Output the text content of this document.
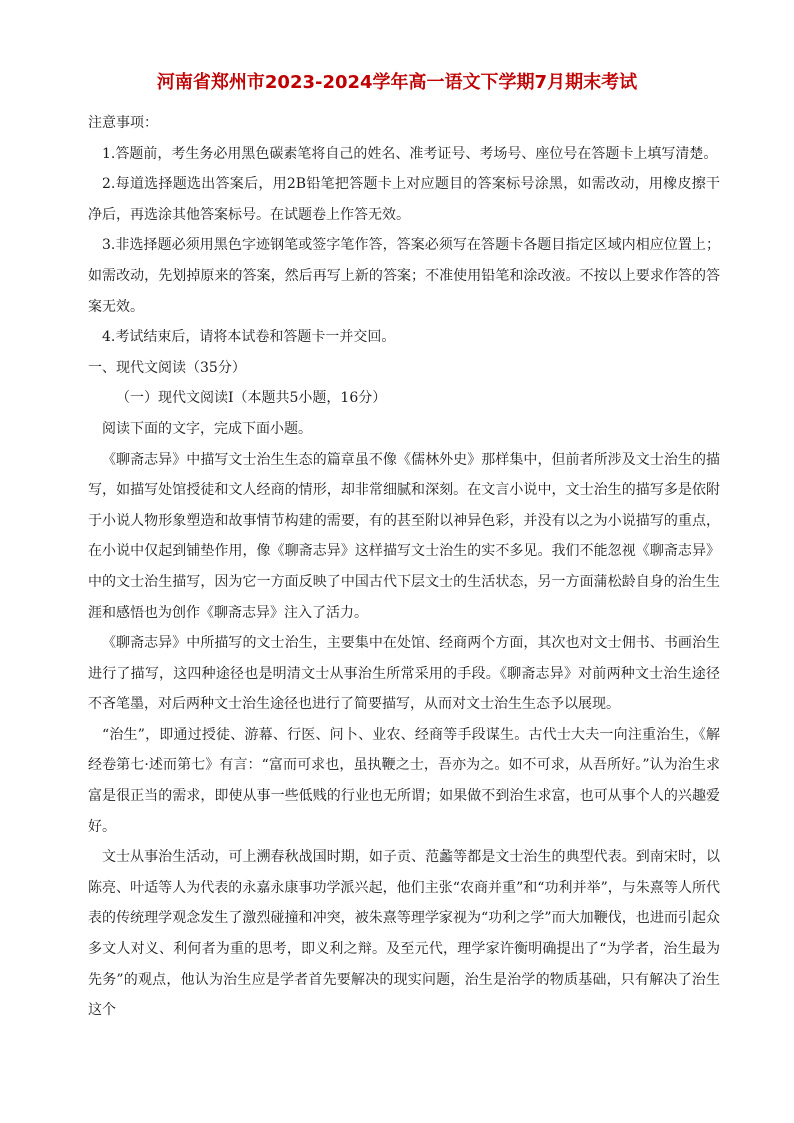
河南省郑州市2023-2024学年高一语文下学期7月期末考试

注意事项：

1.答题前，考生务必用黑色碳素笔将自己的姓名、准考证号、考场号、座位号在答题卡上填写清楚。

2.每道选择题选出答案后，用2B铅笔把答题卡上对应题目的答案标号涂黑，如需改动，用橡皮擦干净后，再选涂其他答案标号。在试题卷上作答无效。

3.非选择题必须用黑色字迹钢笔或签字笔作答，答案必须写在答题卡各题目指定区域内相应位置上；如需改动，先划掉原来的答案，然后再写上新的答案；不准使用铅笔和涂改液。不按以上要求作答的答案无效。

4.考试结束后，请将本试卷和答题卡一并交回。

一、现代文阅读（35分）

（一）现代文阅读Ⅰ（本题共5小题，16分）

阅读下面的文字，完成下面小题。

《聊斋志异》中描写文士治生生态的篇章虽不像《儒林外史》那样集中，但前者所涉及文士治生的描写，如描写处馆授徒和文人经商的情形，却非常细腻和深刻。在文言小说中，文士治生的描写多是依附于小说人物形象塑造和故事情节构建的需要，有的甚至附以神异色彩，并没有以之为小说描写的重点，在小说中仅起到铺垫作用，像《聊斋志异》这样描写文士治生的实不多见。我们不能忽视《聊斋志异》中的文士治生描写，因为它一方面反映了中国古代下层文士的生活状态，另一方面蒲松龄自身的治生生涯和感悟也为创作《聊斋志异》注入了活力。

《聊斋志异》中所描写的文士治生，主要集中在处馆、经商两个方面，其次也对文士佣书、书画治生进行了描写，这四种途径也是明清文士从事治生所常采用的手段。《聊斋志异》对前两种文士治生途径不吝笔墨，对后两种文士治生途径也进行了简要描写，从而对文士治生生态予以展现。

“治生”，即通过授徒、游幕、行医、问卜、业农、经商等手段谋生。古代士大夫一向注重治生，《解经卷第七·述而第七》有言：“富而可求也，虽执鞭之士，吾亦为之。如不可求，从吾所好。”认为治生求富是很正当的需求，即使从事一些低贱的行业也无所谓；如果做不到治生求富，也可从事个人的兴趣爱好。

文士从事治生活动，可上溯春秋战国时期，如子贡、范蠡等都是文士治生的典型代表。到南宋时，以陈亮、叶适等人为代表的永嘉永康事功学派兴起，他们主张“农商并重”和“功利并举”，与朱熹等人所代表的传统理学观念发生了激烈碰撞和冲突，被朱熹等理学家视为“功利之学”而大加鞭伐，也进而引起众多文人对义、利何者为重的思考，即义利之辩。及至元代，理学家许衡明确提出了“为学者，治生最为先务”的观点，他认为治生应是学者首先要解决的现实问题，治生是治学的物质基础，只有解决了治生这个
